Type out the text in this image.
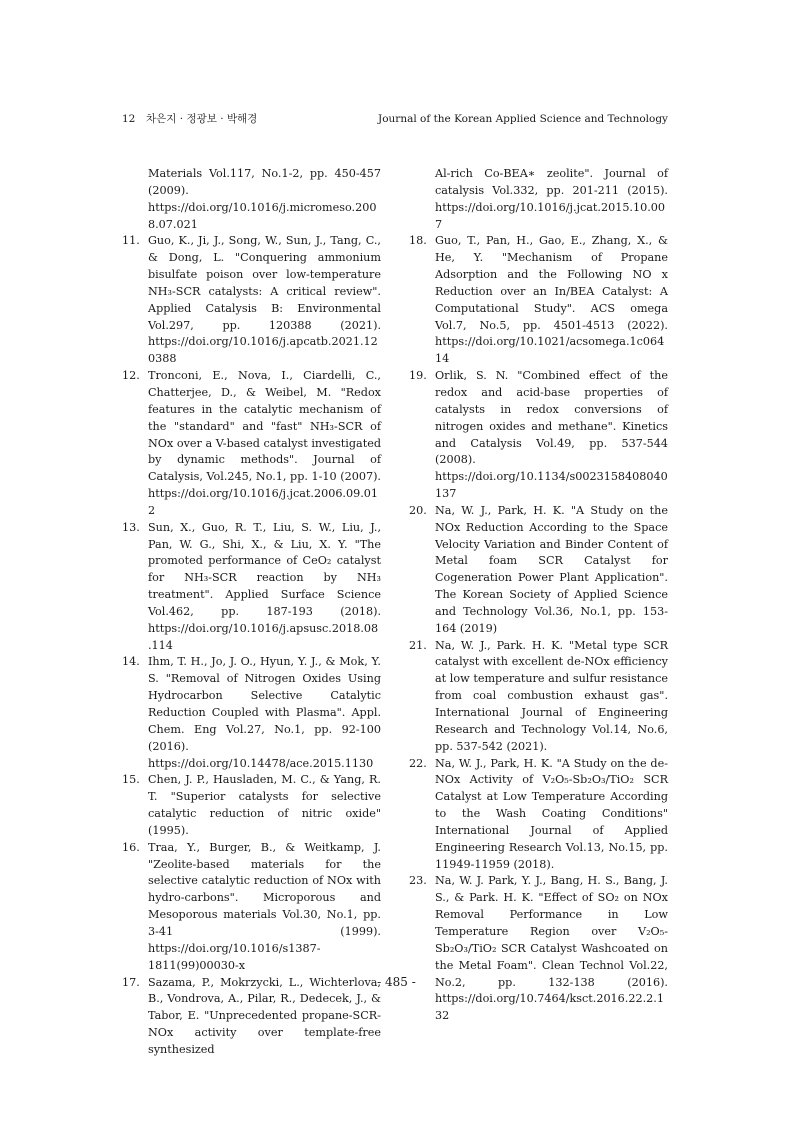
12 차은지 · 정광보 · 박해경	Journal of the Korean Applied Science and Technology
Materials Vol.117, No.1-2, pp. 450-457 (2009). https://doi.org/10.1016/j.micromeso.2008.07.021
11. Guo, K., Ji, J., Song, W., Sun, J., Tang, C., & Dong, L. "Conquering ammonium bisulfate poison over low-temperature NH₃-SCR catalysts: A critical review". Applied Catalysis B: Environmental Vol.297, pp. 120388 (2021). https://doi.org/10.1016/j.apcatb.2021.120388
12. Tronconi, E., Nova, I., Ciardelli, C., Chatterjee, D., & Weibel, M. "Redox features in the catalytic mechanism of the "standard" and "fast" NH₃-SCR of NOx over a V-based catalyst investigated by dynamic methods". Journal of Catalysis, Vol.245, No.1, pp. 1-10 (2007). https://doi.org/10.1016/j.jcat.2006.09.012
13. Sun, X., Guo, R. T., Liu, S. W., Liu, J., Pan, W. G., Shi, X., & Liu, X. Y. "The promoted performance of CeO₂ catalyst for NH₃-SCR reaction by NH₃ treatment". Applied Surface Science Vol.462, pp. 187-193 (2018). https://doi.org/10.1016/j.apsusc.2018.08.114
14. Ihm, T. H., Jo, J. O., Hyun, Y. J., & Mok, Y. S. "Removal of Nitrogen Oxides Using Hydrocarbon Selective Catalytic Reduction Coupled with Plasma". Appl. Chem. Eng Vol.27, No.1, pp. 92-100 (2016). https://doi.org/10.14478/ace.2015.1130
15. Chen, J. P., Hausladen, M. C., & Yang, R. T. "Superior catalysts for selective catalytic reduction of nitric oxide" (1995).
16. Traa, Y., Burger, B., & Weitkamp, J. "Zeolite-based materials for the selective catalytic reduction of NOx with hydro-carbons". Microporous and Mesoporous materials Vol.30, No.1, pp. 3-41 (1999). https://doi.org/10.1016/s1387-1811(99)00030-x
17. Sazama, P., Mokrzycki, L., Wichterlova, B., Vondrova, A., Pilar, R., Dedecek, J., & Tabor, E. "Unprecedented propane-SCR-NOx activity over template-free synthesized
Al-rich Co-BEA∗ zeolite". Journal of catalysis Vol.332, pp. 201-211 (2015). https://doi.org/10.1016/j.jcat.2015.10.007
18. Guo, T., Pan, H., Gao, E., Zhang, X., & He, Y. "Mechanism of Propane Adsorption and the Following NO x Reduction over an In/BEA Catalyst: A Computational Study". ACS omega Vol.7, No.5, pp. 4501-4513 (2022). https://doi.org/10.1021/acsomega.1c06414
19. Orlik, S. N. "Combined effect of the redox and acid-base properties of catalysts in redox conversions of nitrogen oxides and methane". Kinetics and Catalysis Vol.49, pp. 537-544 (2008). https://doi.org/10.1134/s0023158408040137
20. Na, W. J., Park, H. K. "A Study on the NOx Reduction According to the Space Velocity Variation and Binder Content of Metal foam SCR Catalyst for Cogeneration Power Plant Application". The Korean Society of Applied Science and Technology Vol.36, No.1, pp. 153-164 (2019)
21. Na, W. J., Park. H. K. "Metal type SCR catalyst with excellent de-NOx efficiency at low temperature and sulfur resistance from coal combustion exhaust gas". International Journal of Engineering Research and Technology Vol.14, No.6, pp. 537-542 (2021).
22. Na, W. J., Park, H. K. "A Study on the de-NOx Activity of V₂O₅-Sb₂O₃/TiO₂ SCR Catalyst at Low Temperature According to the Wash Coating Conditions" International Journal of Applied Engineering Research Vol.13, No.15, pp. 11949-11959 (2018).
23. Na, W. J. Park, Y. J., Bang, H. S., Bang, J. S., & Park. H. K. "Effect of SO₂ on NOx Removal Performance in Low Temperature Region over V₂O₅-Sb₂O₃/TiO₂ SCR Catalyst Washcoated on the Metal Foam". Clean Technol Vol.22, No.2, pp. 132-138 (2016). https://doi.org/10.7464/ksct.2016.22.2.132
- 485 -
